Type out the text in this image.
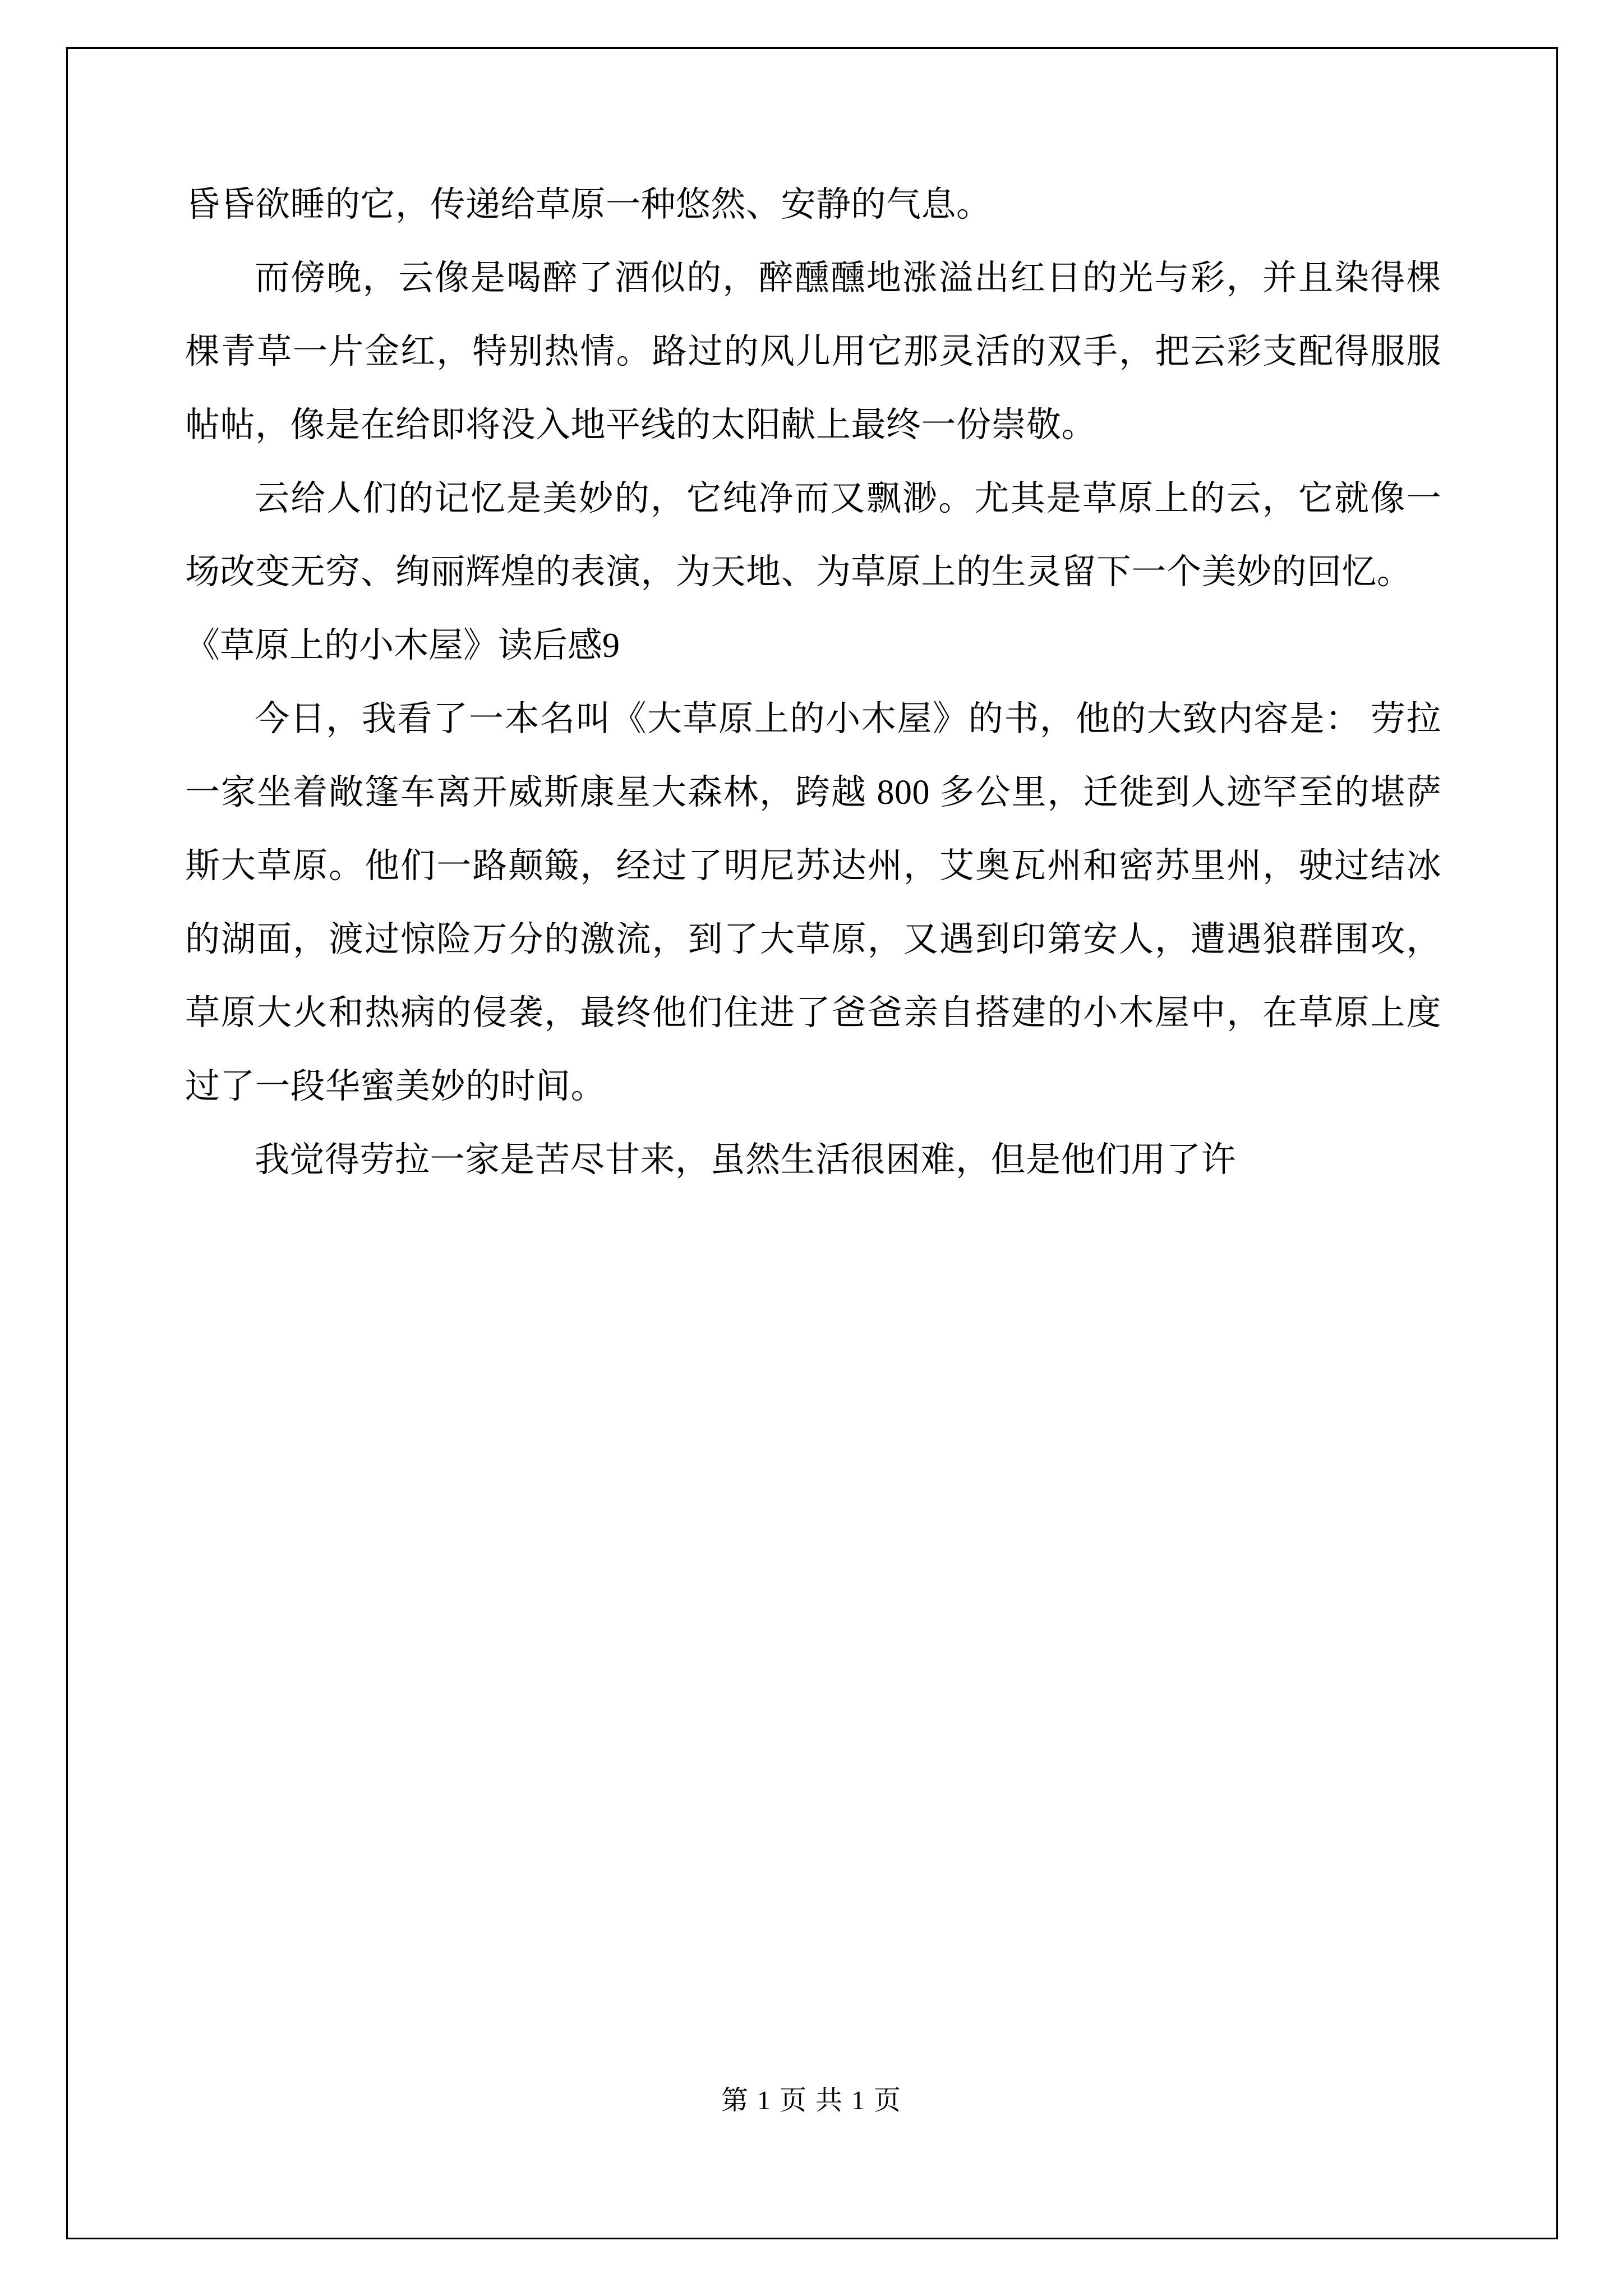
昏昏欲睡的它，传递给草原一种悠然、安静的气息。

而傍晚，云像是喝醉了酒似的，醉醺醺地涨溢出红日的光与彩，并且染得棵棵青草一片金红，特别热情。路过的风儿用它那灵活的双手，把云彩支配得服服帖帖，像是在给即将没入地平线的太阳献上最终一份崇敬。

云给人们的记忆是美妙的，它纯净而又飘渺。尤其是草原上的云，它就像一场改变无穷、绚丽辉煌的表演，为天地、为草原上的生灵留下一个美妙的回忆。

《草原上的小木屋》读后感9

今日，我看了一本名叫《大草原上的小木屋》的书，他的大致内容是： 劳拉一家坐着敞篷车离开威斯康星大森林，跨越 800 多公里，迁徙到人迹罕至的堪萨斯大草原。他们一路颠簸，经过了明尼苏达州，艾奥瓦州和密苏里州，驶过结冰的湖面，渡过惊险万分的激流，到了大草原，又遇到印第安人，遭遇狼群围攻，草原大火和热病的侵袭，最终他们住进了爸爸亲自搭建的小木屋中，在草原上度过了一段华蜜美妙的时间。

我觉得劳拉一家是苦尽甘来，虽然生活很困难，但是他们用了许

第 1 页 共 1 页
